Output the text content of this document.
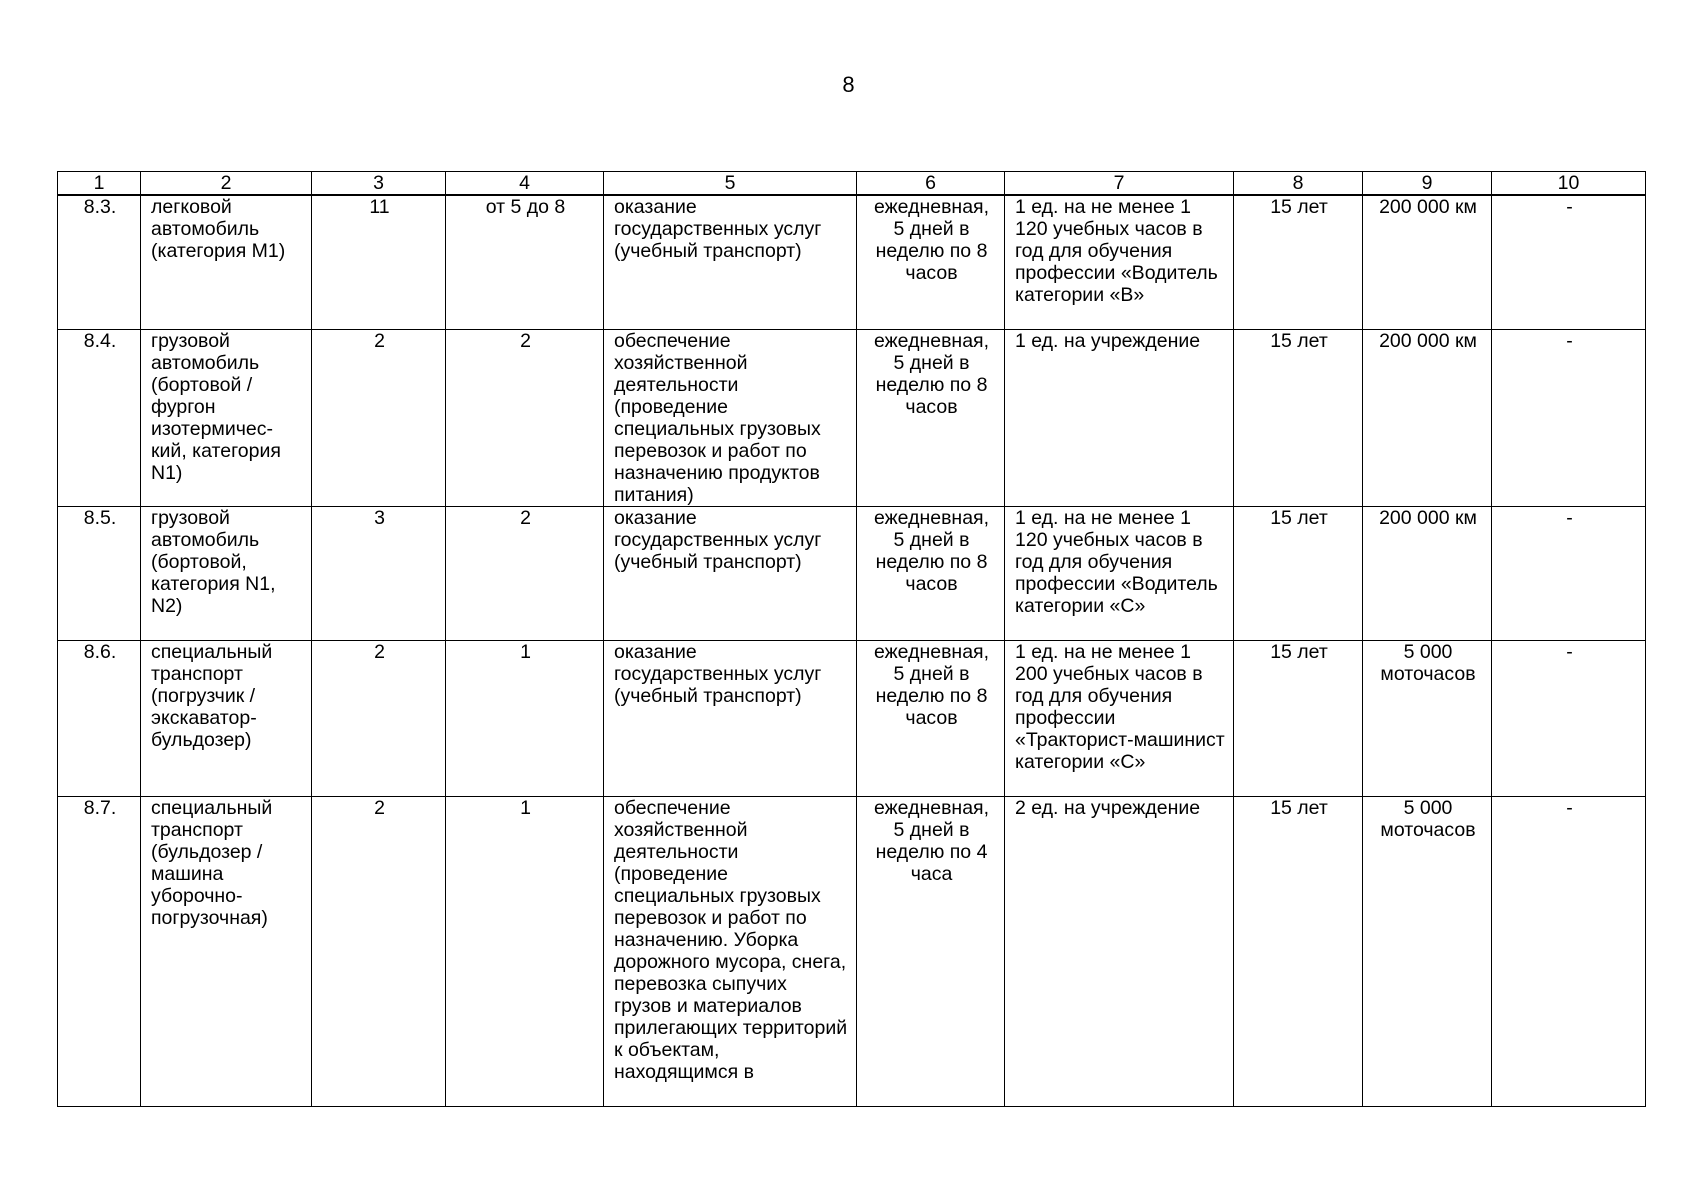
8
1	2	3	4	5	6	7	8	9	10
8.3.	легковой автомобиль (категория М1)	11	от 5 до 8	оказание государственных услуг (учебный транспорт)	ежедневная, 5 дней в неделю по 8 часов	1 ед. на не менее 1 120 учебных часов в год для обучения профессии «Водитель категории «В»	15 лет	200 000 км	-
8.4.	грузовой автомобиль (бортовой / фургон изотермичес-кий, категория N1)	2	2	обеспечение хозяйственной деятельности (проведение специальных грузовых перевозок и работ по назначению продуктов питания)	ежедневная, 5 дней в неделю по 8 часов	1 ед. на учреждение	15 лет	200 000 км	-
8.5.	грузовой автомобиль (бортовой, категория N1, N2)	3	2	оказание государственных услуг (учебный транспорт)	ежедневная, 5 дней в неделю по 8 часов	1 ед. на не менее 1 120 учебных часов в год для обучения профессии «Водитель категории «С»	15 лет	200 000 км	-
8.6.	специальный транспорт (погрузчик / экскаватор-бульдозер)	2	1	оказание государственных услуг (учебный транспорт)	ежедневная, 5 дней в неделю по 8 часов	1 ед. на не менее 1 200 учебных часов в год для обучения профессии «Тракторист-машинист категории «С»	15 лет	5 000 моточасов	-
8.7.	специальный транспорт (бульдозер / машина уборочно-погрузочная)	2	1	обеспечение хозяйственной деятельности (проведение специальных грузовых перевозок и работ по назначению. Уборка дорожного мусора, снега, перевозка сыпучих грузов и материалов прилегающих территорий к объектам, находящимся в	ежедневная, 5 дней в неделю по 4 часа	2 ед. на учреждение	15 лет	5 000 моточасов	-
